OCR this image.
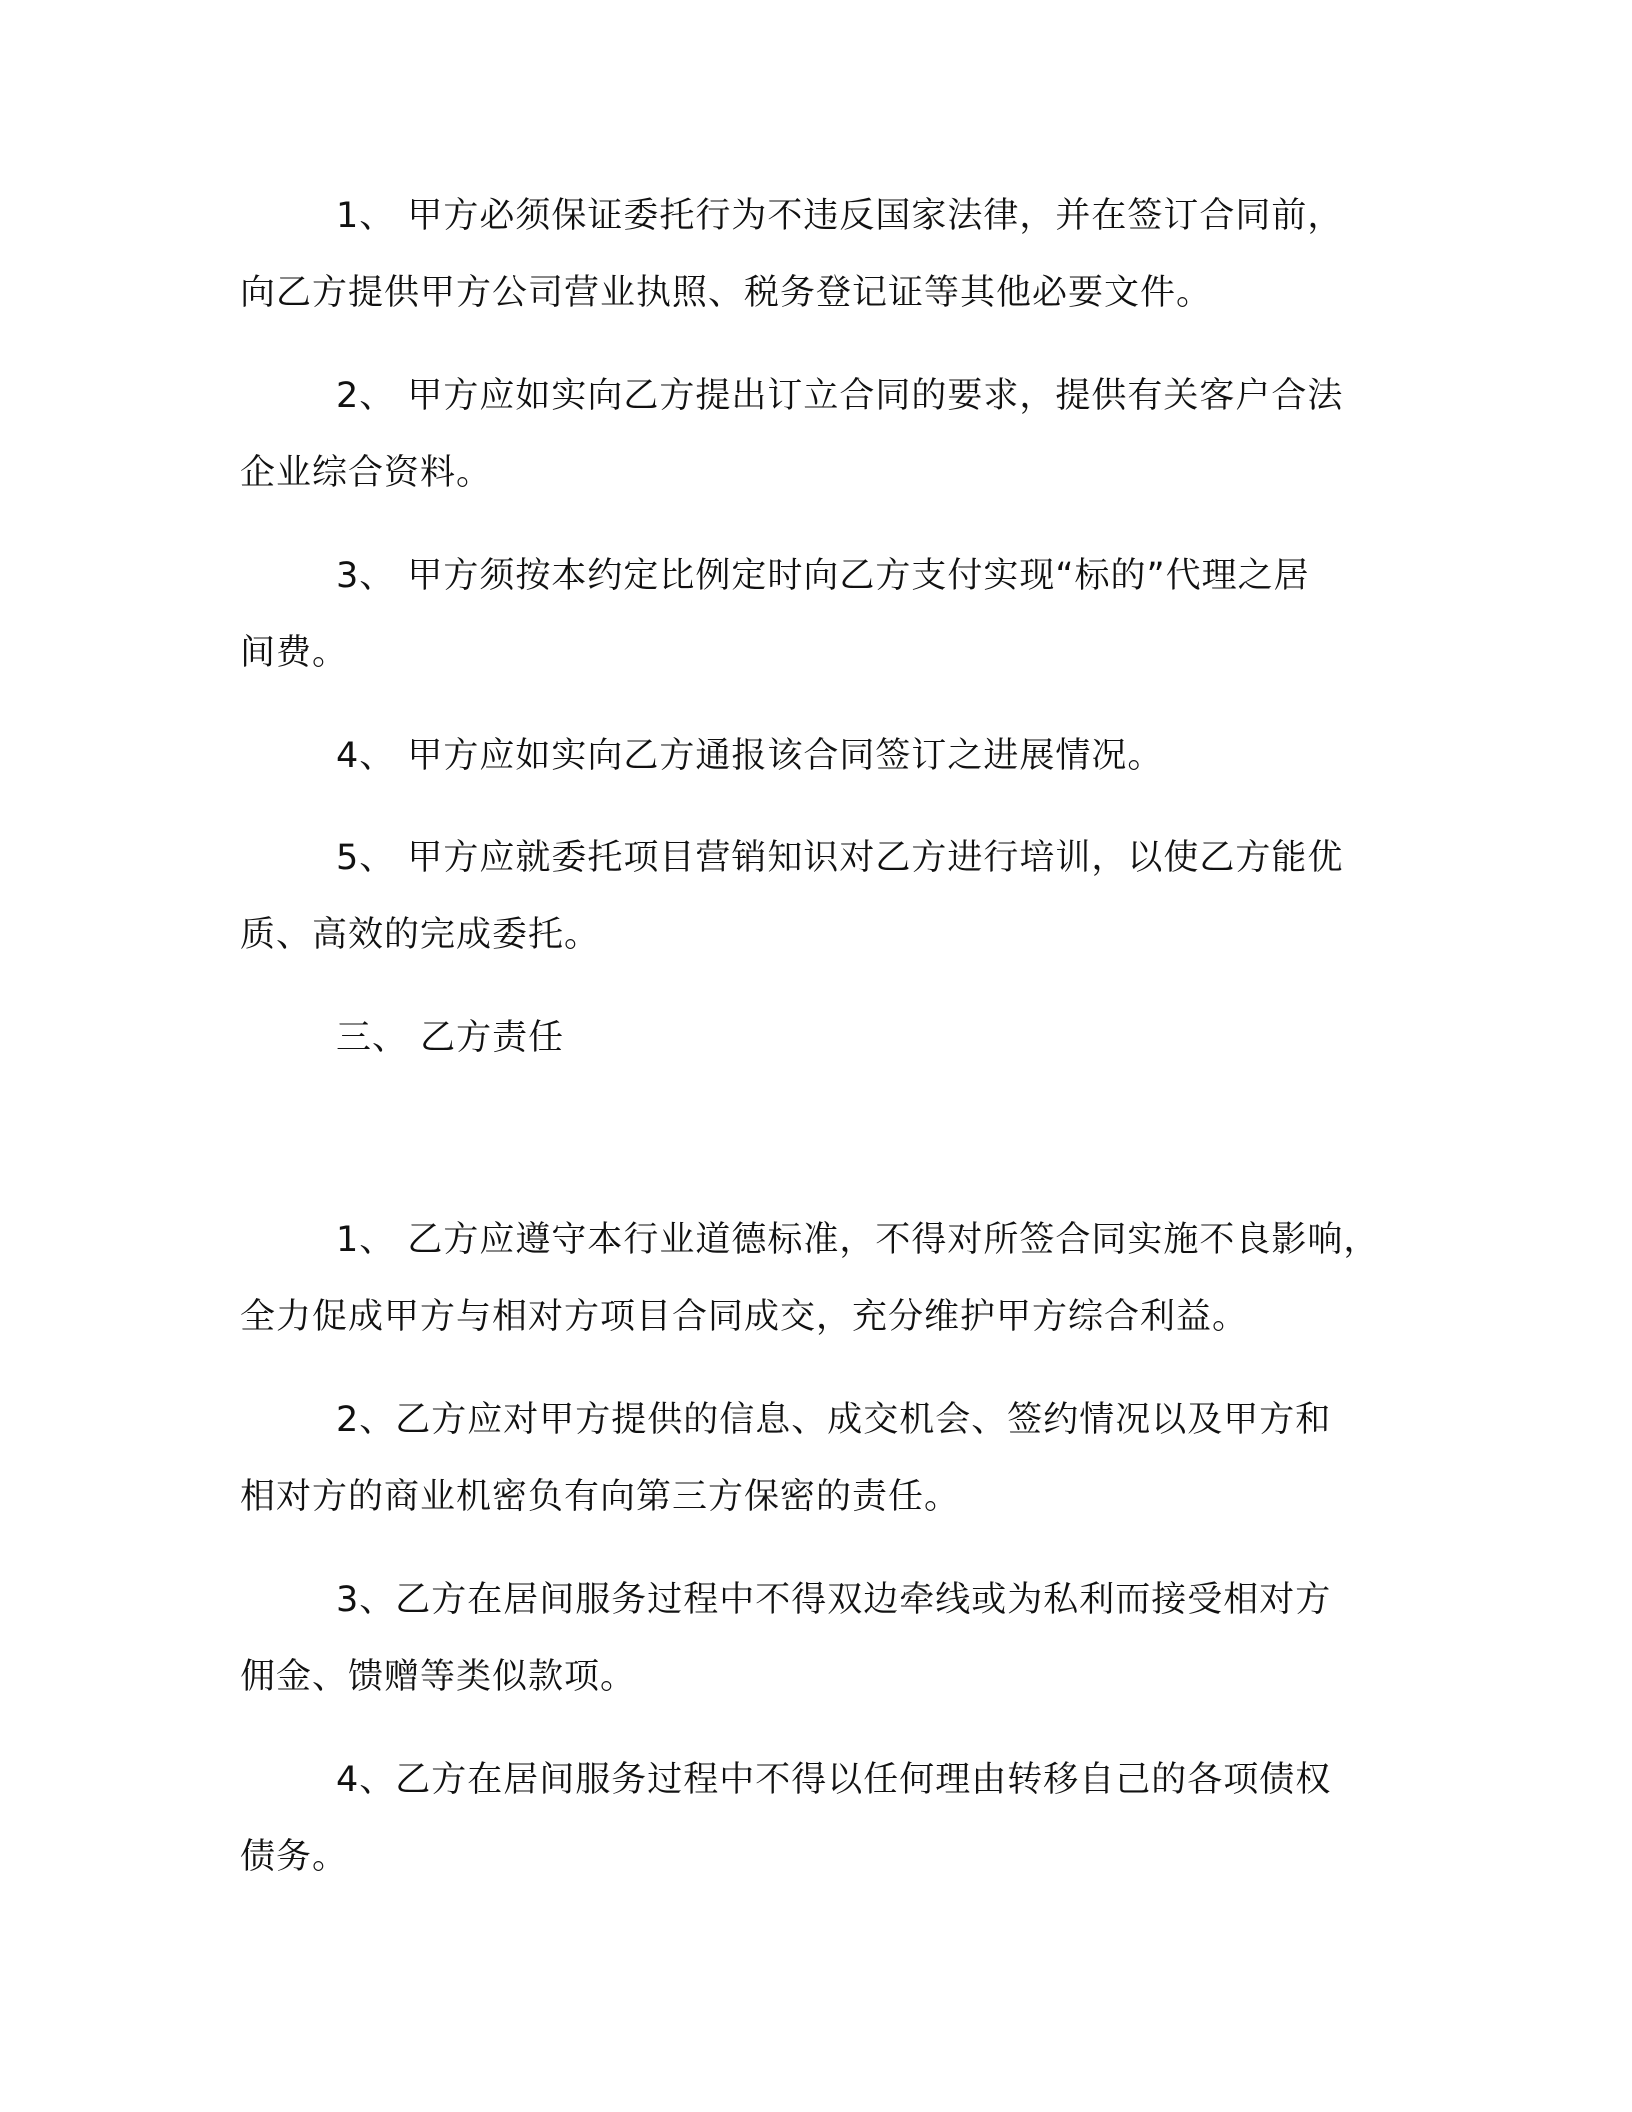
1、 甲方必须保证委托行为不违反国家法律，并在签订合同前，
向乙方提供甲方公司营业执照、税务登记证等其他必要文件。

2、 甲方应如实向乙方提出订立合同的要求，提供有关客户合法
企业综合资料。

3、 甲方须按本约定比例定时向乙方支付实现“标的”代理之居
间费。

4、 甲方应如实向乙方通报该合同签订之进展情况。

5、 甲方应就委托项目营销知识对乙方进行培训，以使乙方能优
质、高效的完成委托。

三、 乙方责任

1、 乙方应遵守本行业道德标准，不得对所签合同实施不良影响，
全力促成甲方与相对方项目合同成交，充分维护甲方综合利益。

2、乙方应对甲方提供的信息、成交机会、签约情况以及甲方和
相对方的商业机密负有向第三方保密的责任。

3、乙方在居间服务过程中不得双边牵线或为私利而接受相对方
佣金、馈赠等类似款项。

4、乙方在居间服务过程中不得以任何理由转移自己的各项债权
债务。
